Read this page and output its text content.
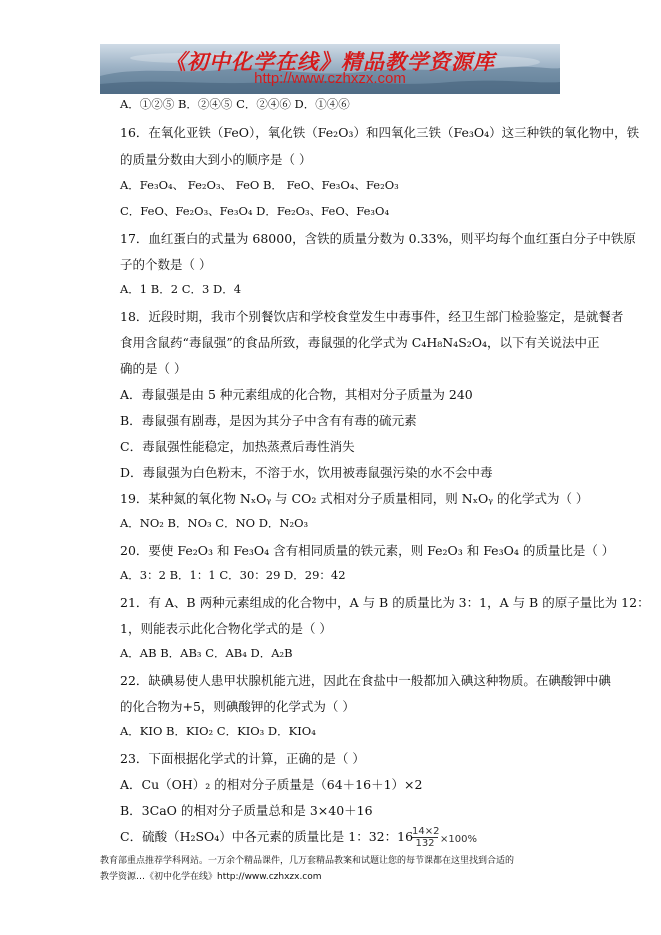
《初中化学在线》精品教学资源库
http://www.czhxzx.com
A．①②⑤ B．②④⑤ C．②④⑥ D．①④⑥
16．在氧化亚铁（FeO），氧化铁（Fe₂O₃）和四氧化三铁（Fe₃O₄）这三种铁的氧化物中，铁
的质量分数由大到小的顺序是（ ）
A．Fe₃O₄、 Fe₂O₃、 FeO B． FeO、Fe₃O₄、Fe₂O₃
C．FeO、Fe₂O₃、Fe₃O₄ D．Fe₂O₃、FeO、Fe₃O₄
17．血红蛋白的式量为 68000，含铁的质量分数为 0.33%，则平均每个血红蛋白分子中铁原
子的个数是（ ）
A．1 B．2 C．3 D．4
18．近段时期，我市个别餐饮店和学校食堂发生中毒事件，经卫生部门检验鉴定，是就餐者
食用含鼠药“毒鼠强”的食品所致，毒鼠强的化学式为 C₄H₈N₄S₂O₄，以下有关说法中正
确的是（ ）
A．毒鼠强是由 5 种元素组成的化合物，其相对分子质量为 240
B．毒鼠强有剧毒，是因为其分子中含有有毒的硫元素
C．毒鼠强性能稳定，加热蒸煮后毒性消失
D．毒鼠强为白色粉末，不溶于水，饮用被毒鼠强污染的水不会中毒
19．某种氮的氧化物 NₓOᵧ 与 CO₂ 式相对分子质量相同，则 NₓOᵧ 的化学式为（ ）
A．NO₂ B．NO₃ C．NO D．N₂O₃
20．要使 Fe₂O₃ 和 Fe₃O₄ 含有相同质量的铁元素，则 Fe₂O₃ 和 Fe₃O₄ 的质量比是（ ）
A．3：2 B．1：1 C．30：29 D．29：42
21．有 A、B 两种元素组成的化合物中，A 与 B 的质量比为 3：1，A 与 B 的原子量比为 12：
1，则能表示此化合物化学式的是（ ）
A．AB B．AB₃ C．AB₄ D．A₂B
22．缺碘易使人患甲状腺机能亢进，因此在食盐中一般都加入碘这种物质。在碘酸钾中碘
的化合物为+5，则碘酸钾的化学式为（ ）
A．KIO B．KIO₂ C．KIO₃ D．KIO₄
23．下面根据化学式的计算，正确的是（ ）
A．Cu（OH）₂ 的相对分子质量是（64＋16＋1）×2
B．3CaO 的相对分子质量总和是 3×40＋16
C．硫酸（H₂SO₄）中各元素的质量比是 1：32：16
$\frac{14\times 2}{132} \times 100\%$
教育部重点推荐学科网站。一万余个精品课件，几万套精品教案和试题让您的每节课都在这里找到合适的
教学资源…《初中化学在线》http://www.czhxzx.com
